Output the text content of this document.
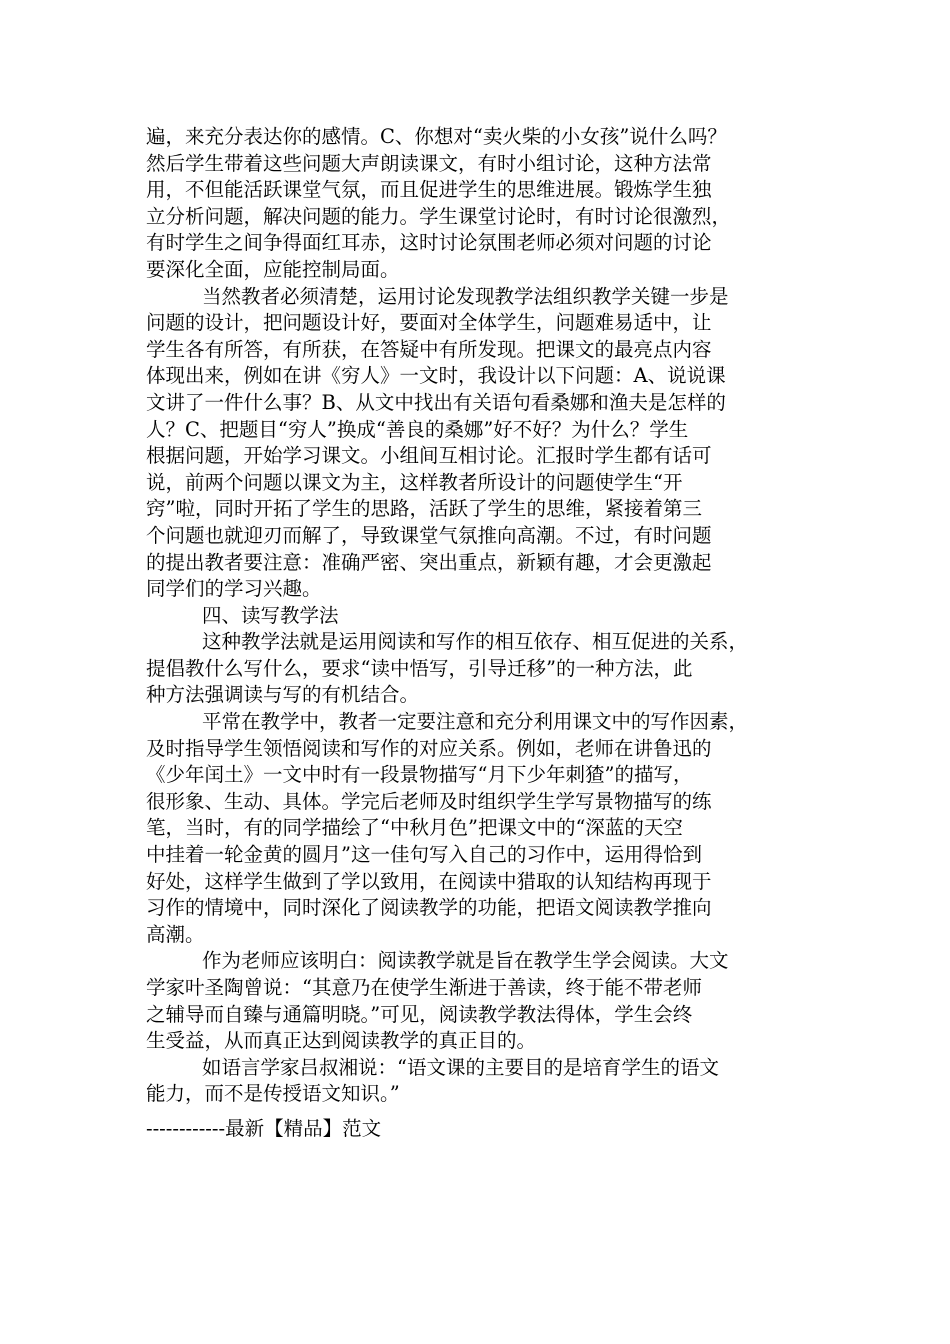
遍，来充分表达你的感情。C、你想对“卖火柴的小女孩”说什么吗？
然后学生带着这些问题大声朗读课文，有时小组讨论，这种方法常
用，不但能活跃课堂气氛，而且促进学生的思维进展。锻炼学生独
立分析问题，解决问题的能力。学生课堂讨论时，有时讨论很激烈，
有时学生之间争得面红耳赤，这时讨论氛围老师必须对问题的讨论
要深化全面，应能控制局面。

当然教者必须清楚，运用讨论发现教学法组织教学关键一步是
问题的设计，把问题设计好，要面对全体学生，问题难易适中，让
学生各有所答，有所获，在答疑中有所发现。把课文的最亮点内容
体现出来，例如在讲《穷人》一文时，我设计以下问题：A、说说课
文讲了一件什么事？B、从文中找出有关语句看桑娜和渔夫是怎样的
人？C、把题目“穷人”换成“善良的桑娜”好不好？为什么？学生
根据问题，开始学习课文。小组间互相讨论。汇报时学生都有话可
说，前两个问题以课文为主，这样教者所设计的问题使学生“开
窍”啦，同时开拓了学生的思路，活跃了学生的思维，紧接着第三
个问题也就迎刃而解了，导致课堂气氛推向高潮。不过，有时问题
的提出教者要注意：准确严密、突出重点，新颖有趣，才会更激起
同学们的学习兴趣。

四、读写教学法

这种教学法就是运用阅读和写作的相互依存、相互促进的关系，
提倡教什么写什么，要求“读中悟写，引导迁移”的一种方法，此
种方法强调读与写的有机结合。

平常在教学中，教者一定要注意和充分利用课文中的写作因素，
及时指导学生领悟阅读和写作的对应关系。例如，老师在讲鲁迅的
《少年闰土》一文中时有一段景物描写“月下少年刺猹”的描写，
很形象、生动、具体。学完后老师及时组织学生学写景物描写的练
笔，当时，有的同学描绘了“中秋月色”把课文中的“深蓝的天空
中挂着一轮金黄的圆月”这一佳句写入自己的习作中，运用得恰到
好处，这样学生做到了学以致用，在阅读中猎取的认知结构再现于
习作的情境中，同时深化了阅读教学的功能，把语文阅读教学推向
高潮。

作为老师应该明白：阅读教学就是旨在教学生学会阅读。大文
学家叶圣陶曾说：“其意乃在使学生渐进于善读，终于能不带老师
之辅导而自臻与通篇明晓。”可见，阅读教学教法得体，学生会终
生受益，从而真正达到阅读教学的真正目的。

如语言学家吕叔湘说：“语文课的主要目的是培育学生的语文
能力，而不是传授语文知识。”

------------最新【精品】范文
